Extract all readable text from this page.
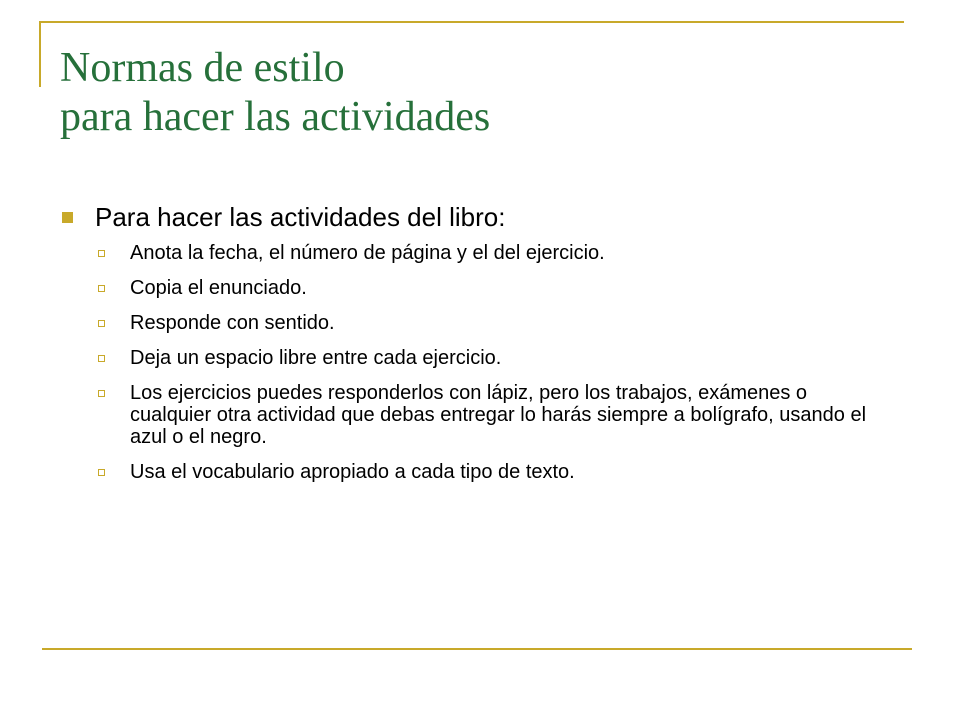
Normas de estilo
para hacer las actividades
Para hacer las actividades del libro:
Anota la fecha, el número de página y el del ejercicio.
Copia el enunciado.
Responde con sentido.
Deja un espacio libre entre cada ejercicio.
Los ejercicios puedes responderlos con lápiz, pero los trabajos, exámenes o cualquier otra actividad que debas entregar lo harás siempre a bolígrafo, usando el azul o el negro.
Usa el vocabulario apropiado a cada tipo de texto.
